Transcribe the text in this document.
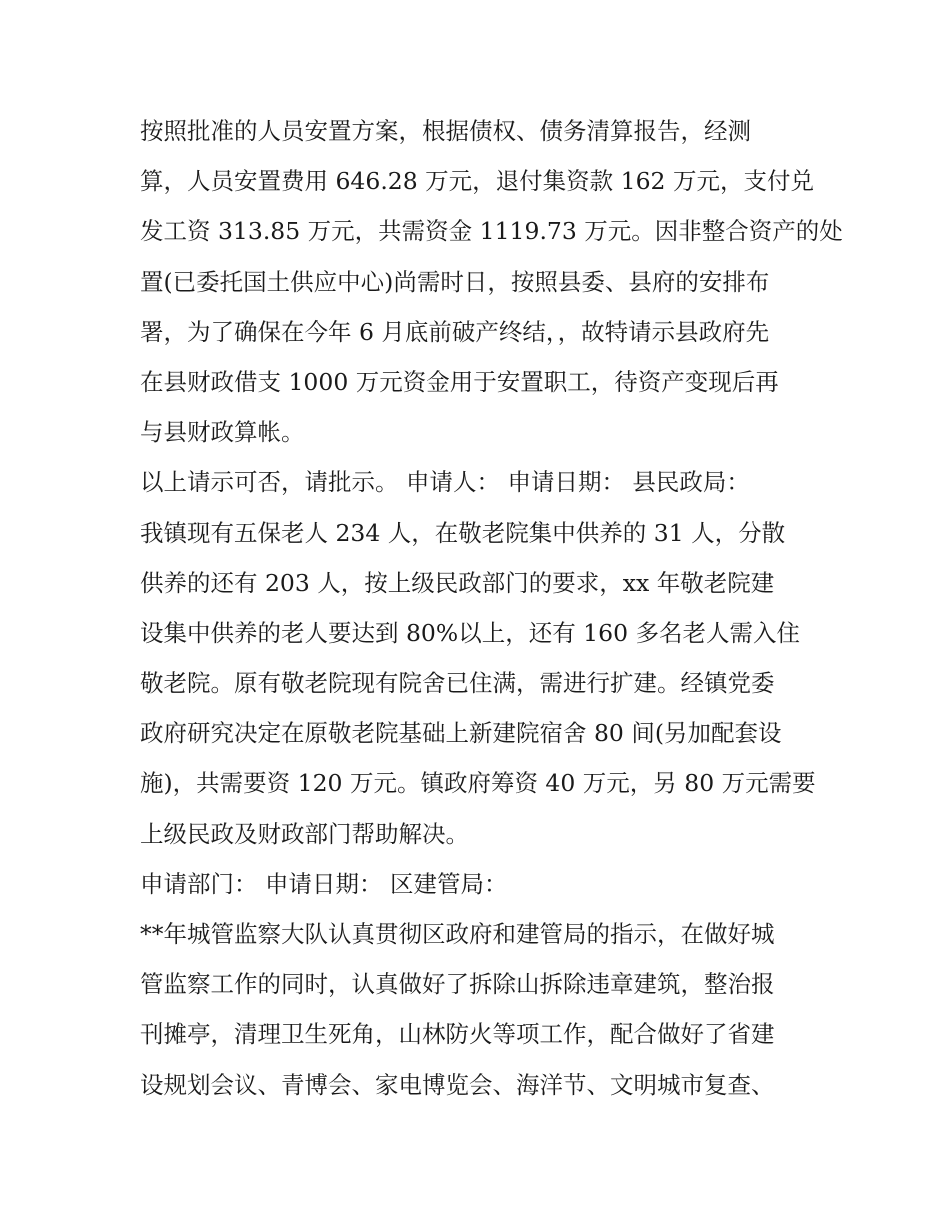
按照批准的人员安置方案，根据债权、债务清算报告，经测
算，人员安置费用 646.28 万元，退付集资款 162 万元，支付兑
发工资 313.85 万元，共需资金 1119.73 万元。因非整合资产的处
置(已委托国土供应中心)尚需时日，按照县委、县府的安排布
署，为了确保在今年 6 月底前破产终结，，故特请示县政府先
在县财政借支 1000 万元资金用于安置职工，待资产变现后再
与县财政算帐。
以上请示可否，请批示。 申请人： 申请日期： 县民政局：
我镇现有五保老人 234 人，在敬老院集中供养的 31 人，分散
供养的还有 203 人，按上级民政部门的要求，xx 年敬老院建
设集中供养的老人要达到 80%以上，还有 160 多名老人需入住
敬老院。原有敬老院现有院舍已住满，需进行扩建。经镇党委
政府研究决定在原敬老院基础上新建院宿舍 80 间(另加配套设
施)，共需要资 120 万元。镇政府筹资 40 万元，另 80 万元需要
上级民政及财政部门帮助解决。
申请部门： 申请日期： 区建管局：
**年城管监察大队认真贯彻区政府和建管局的指示，在做好城
管监察工作的同时，认真做好了拆除山拆除违章建筑，整治报
刊摊亭，清理卫生死角，山林防火等项工作，配合做好了省建
设规划会议、青博会、家电博览会、海洋节、文明城市复查、
